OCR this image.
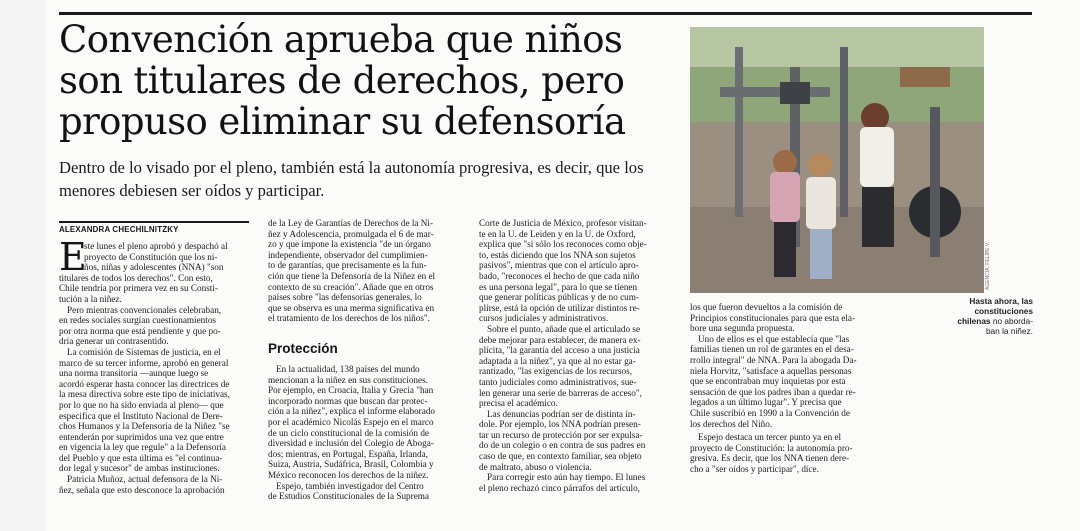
Convención aprueba que niños
son titulares de derechos, pero
propuso eliminar su defensoría

Dentro de lo visado por el pleno, también está la autonomía progresiva, es decir, que los
menores debiesen ser oídos y participar.

AGENCIA: FELIPE V.

Hasta ahora, las
constituciones
chilenas no aborda-
ban la niñez.

ALEXANDRA CHECHILNITZKY
E
ste lunes el pleno aprobó y despachó al
proyecto de Constitución que los ni-
ños, niñas y adolescentes (NNA) "son
titulares de todos los derechos". Con esto,
Chile tendría por primera vez en su Consti-
tución a la niñez.
Pero mientras convencionales celebraban,
en redes sociales surgían cuestionamientos
por otra norma que está pendiente y que po-
dría generar un contrasentido.
La comisión de Sistemas de justicia, en el
marco de su tercer informe, aprobó en general
una norma transitoria —aunque luego se
acordó esperar hasta conocer las directrices de
la mesa directiva sobre este tipo de iniciativas,
por lo que no ha sido enviada al pleno— que
especifica que el Instituto Nacional de Dere-
chos Humanos y la Defensoría de la Niñez "se
entenderán por suprimidos una vez que entre
en vigencia la ley que regule" a la Defensoría
del Pueblo y que esta última es "el continua-
dor legal y sucesor" de ambas instituciones.
Patricia Muñoz, actual defensora de la Ni-
ñez, señala que esto desconoce la aprobación
de la Ley de Garantías de Derechos de la Ni-
ñez y Adolescencia, promulgada el 6 de mar-
zo y que impone la existencia "de un órgano
independiente, observador del cumplimien-
to de garantías, que precisamente es la fun-
ción que tiene la Defensoría de la Niñez en el
contexto de su creación". Añade que en otros
países sobre "las defensorías generales, lo
que se observa es una merma significativa en
el tratamiento de los derechos de los niños".
Protección
En la actualidad, 138 países del mundo
mencionan a la niñez en sus constituciones.
Por ejemplo, en Croacia, Italia y Grecia "han
incorporado normas que buscan dar protec-
ción a la niñez", explica el informe elaborado
por el académico Nicolás Espejo en el marco
de un ciclo constitucional de la comisión de
diversidad e inclusión del Colegio de Aboga-
dos; mientras, en Portugal, España, Irlanda,
Suiza, Austria, Sudáfrica, Brasil, Colombia y
México reconocen los derechos de la niñez.
Espejo, también investigador del Centro
de Estudios Constitucionales de la Suprema
Corte de Justicia de México, profesor visitan-
te en la U. de Leiden y en la U. de Oxford,
explica que "si sólo los reconoces como obje-
to, estás diciendo que los NNA son sujetos
pasivos", mientras que con el artículo apro-
bado, "reconoces el hecho de que cada niño
es una persona legal", para lo que se tienen
que generar políticas públicas y de no cum-
plirse, está la opción de utilizar distintos re-
cursos judiciales y administrativos.
Sobre el punto, añade que el articulado se
debe mejorar para establecer, de manera ex-
plícita, "la garantía del acceso a una justicia
adaptada a la niñez", ya que al no estar ga-
rantizado, "las exigencias de los recursos,
tanto judiciales como administrativos, sue-
len generar una serie de barreras de acceso",
precisa el académico.
Las denuncias podrían ser de distinta ín-
dole. Por ejemplo, los NNA podrían presen-
tar un recurso de protección por ser expulsa-
do de un colegio o en contra de sus padres en
caso de que, en contexto familiar, sea objeto
de maltrato, abuso o violencia.
Para corregir esto aún hay tiempo. El lunes
el pleno rechazó cinco párrafos del artículo,
los que fueron devueltos a la comisión de
Principios constitucionales para que esta ela-
bore una segunda propuesta.
Uno de ellos es el que establecía que "las
familias tienen un rol de garantes en el desa-
rrollo integral" de NNA. Para la abogada Da-
niela Horvitz, "satisface a aquellas personas
que se encontraban muy inquietas por esta
sensación de que los padres iban a quedar re-
legados a un último lugar". Y precisa que
Chile suscribió en 1990 a la Convención de
los derechos del Niño.
Espejo destaca un tercer punto ya en el
proyecto de Constitución: la autonomía pro-
gresiva. Es decir, que los NNA tienen dere-
cho a "ser oídos y participar", dice.
